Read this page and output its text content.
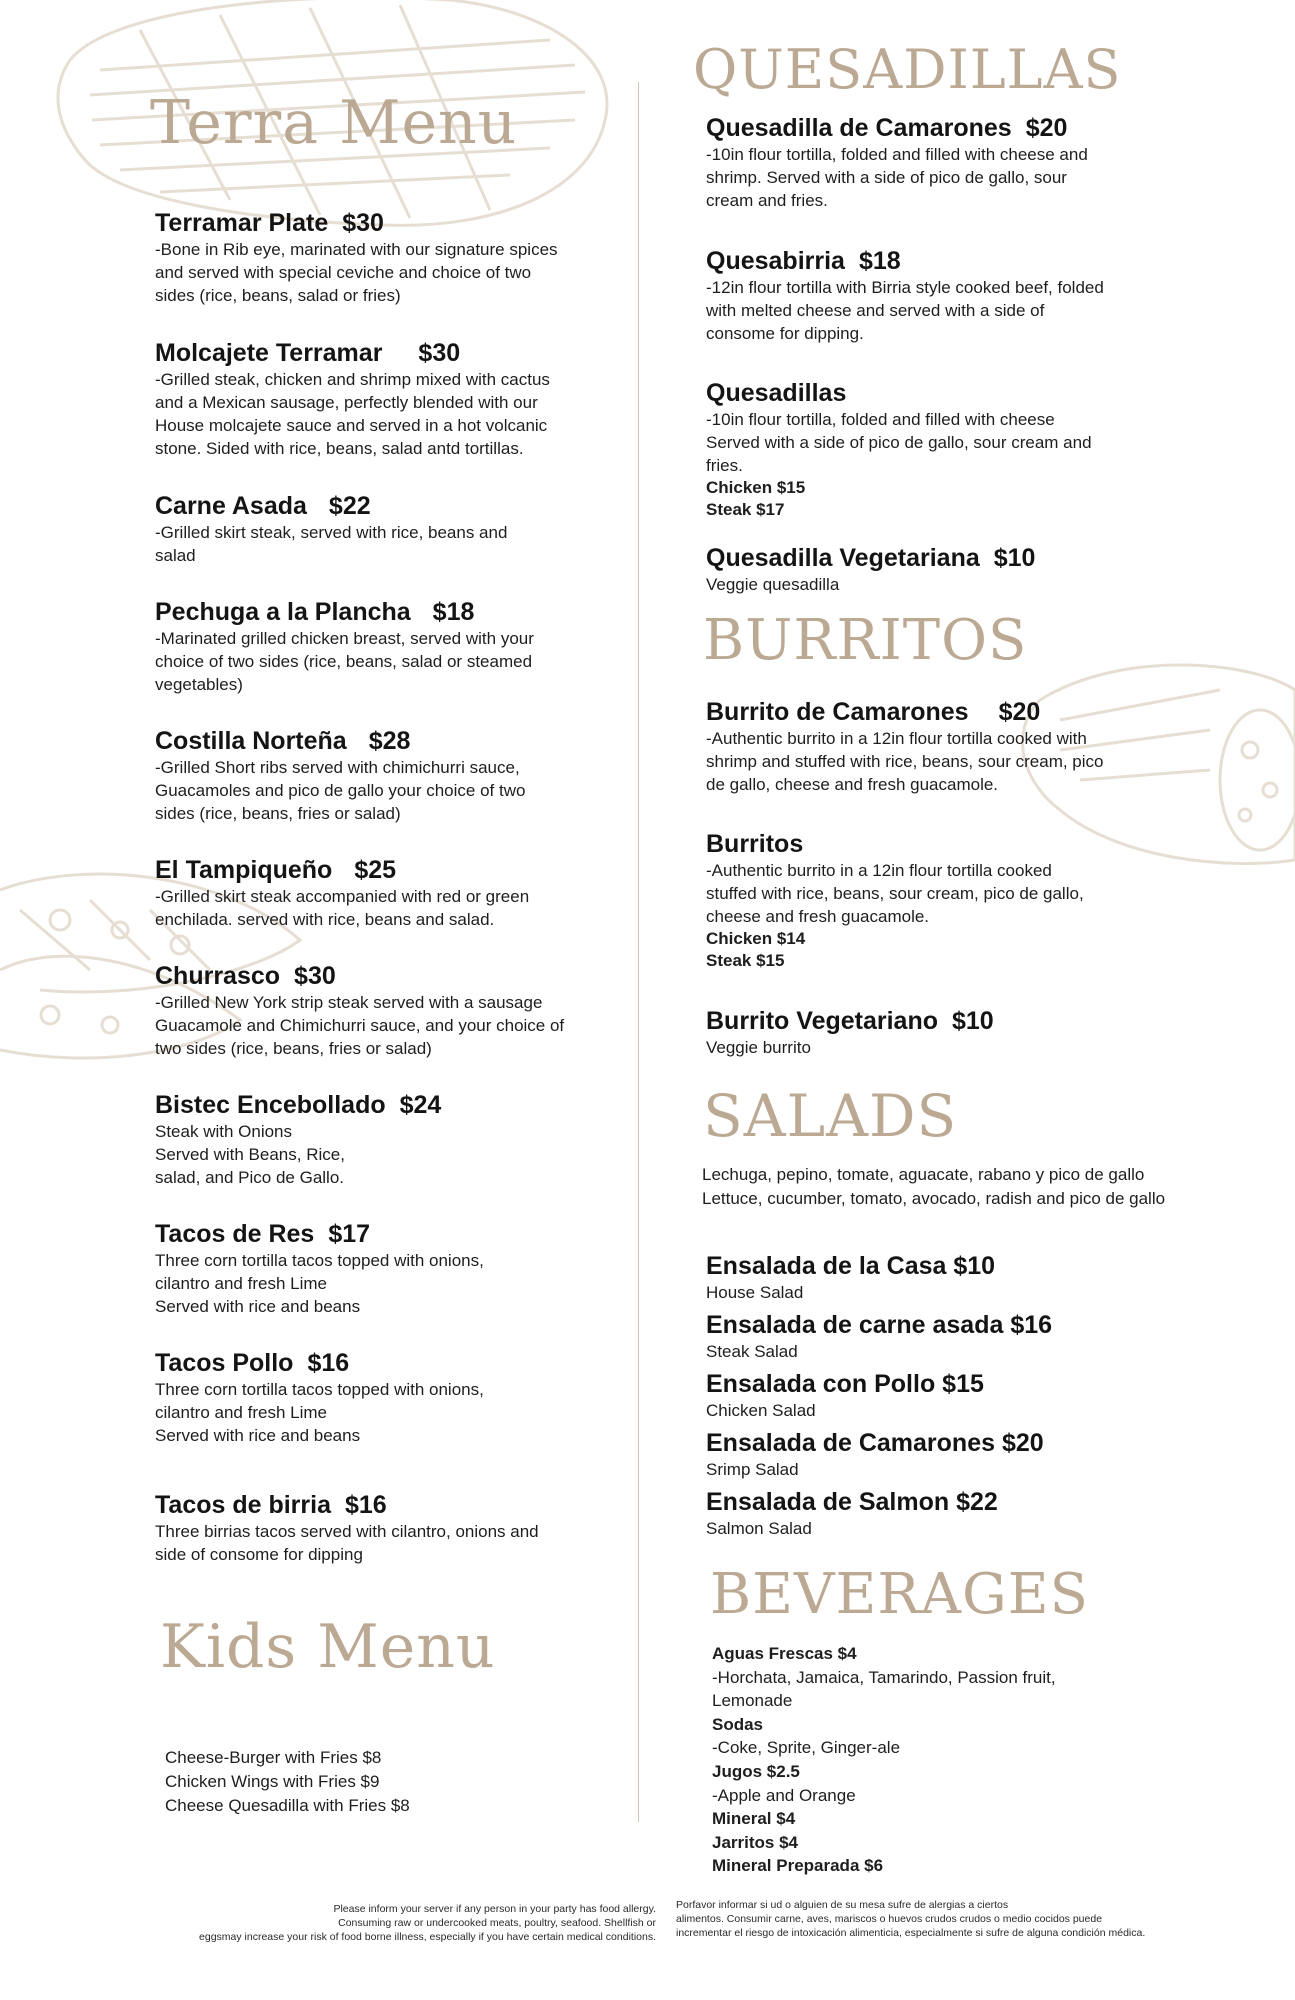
Terra Menu
Terramar Plate $30
-Bone in Rib eye, marinated with our signature spices
and served with special ceviche and choice of two
sides (rice, beans, salad or fries)
Molcajete Terramar $30
-Grilled steak, chicken and shrimp mixed with cactus
and a Mexican sausage, perfectly blended with our
House molcajete sauce and served in a hot volcanic
stone. Sided with rice, beans, salad antd tortillas.
Carne Asada $22
-Grilled skirt steak, served with rice, beans and
salad
Pechuga a la Plancha $18
-Marinated grilled chicken breast, served with your
choice of two sides (rice, beans, salad or steamed
vegetables)
Costilla Norteña $28
-Grilled Short ribs served with chimichurri sauce,
Guacamoles and pico de gallo your choice of two
sides (rice, beans, fries or salad)
El Tampiqueño $25
-Grilled skirt steak accompanied with red or green
enchilada. served with rice, beans and salad.
Churrasco $30
-Grilled New York strip steak served with a sausage
Guacamole and Chimichurri sauce, and your choice of
two sides (rice, beans, fries or salad)
Bistec Encebollado $24
Steak with Onions
Served with Beans, Rice,
salad, and Pico de Gallo.
Tacos de Res $17
Three corn tortilla tacos topped with onions,
cilantro and fresh Lime
Served with rice and beans
Tacos Pollo $16
Three corn tortilla tacos topped with onions,
cilantro and fresh Lime
Served with rice and beans
Tacos de birria $16
Three birrias tacos served with cilantro, onions and
side of consome for dipping
Kids Menu
Cheese-Burger with Fries $8
Chicken Wings with Fries $9
Cheese Quesadilla with Fries $8
QUESADILLAS
Quesadilla de Camarones $20
-10in flour tortilla, folded and filled with cheese and
shrimp. Served with a side of pico de gallo, sour
cream and fries.
Quesabirria $18
-12in flour tortilla with Birria style cooked beef, folded
with melted cheese and served with a side of
consome for dipping.
Quesadillas
-10in flour tortilla, folded and filled with cheese
Served with a side of pico de gallo, sour cream and
fries.
Chicken $15
Steak $17
Quesadilla Vegetariana $10
Veggie quesadilla
BURRITOS
Burrito de Camarones $20
-Authentic burrito in a 12in flour tortilla cooked with
shrimp and stuffed with rice, beans, sour cream, pico
de gallo, cheese and fresh guacamole.
Burritos
-Authentic burrito in a 12in flour tortilla cooked
stuffed with rice, beans, sour cream, pico de gallo,
cheese and fresh guacamole.
Chicken $14
Steak $15
Burrito Vegetariano $10
Veggie burrito
SALADS
Lechuga, pepino, tomate, aguacate, rabano y pico de gallo
Lettuce, cucumber, tomato, avocado, radish and pico de gallo
Ensalada de la Casa $10
House Salad
Ensalada de carne asada $16
Steak Salad
Ensalada con Pollo $15
Chicken Salad
Ensalada de Camarones $20
Srimp Salad
Ensalada de Salmon $22
Salmon Salad
BEVERAGES
Aguas Frescas $4
-Horchata, Jamaica, Tamarindo, Passion fruit,
Lemonade
Sodas
-Coke, Sprite, Ginger-ale
Jugos $2.5
-Apple and Orange
Mineral $4
Jarritos $4
Mineral Preparada $6
Please inform your server if any person in your party has food allergy.
Consuming raw or undercooked meats, poultry, seafood. Shellfish or
eggsmay increase your risk of food borne illness, especially if you have certain medical conditions.
Porfavor informar si ud o alguien de su mesa sufre de alergias a ciertos
alimentos. Consumir carne, aves, mariscos o huevos crudos crudos o medio cocidos puede
incrementar el riesgo de intoxicación alimenticia, especialmente si sufre de alguna condición médica.
